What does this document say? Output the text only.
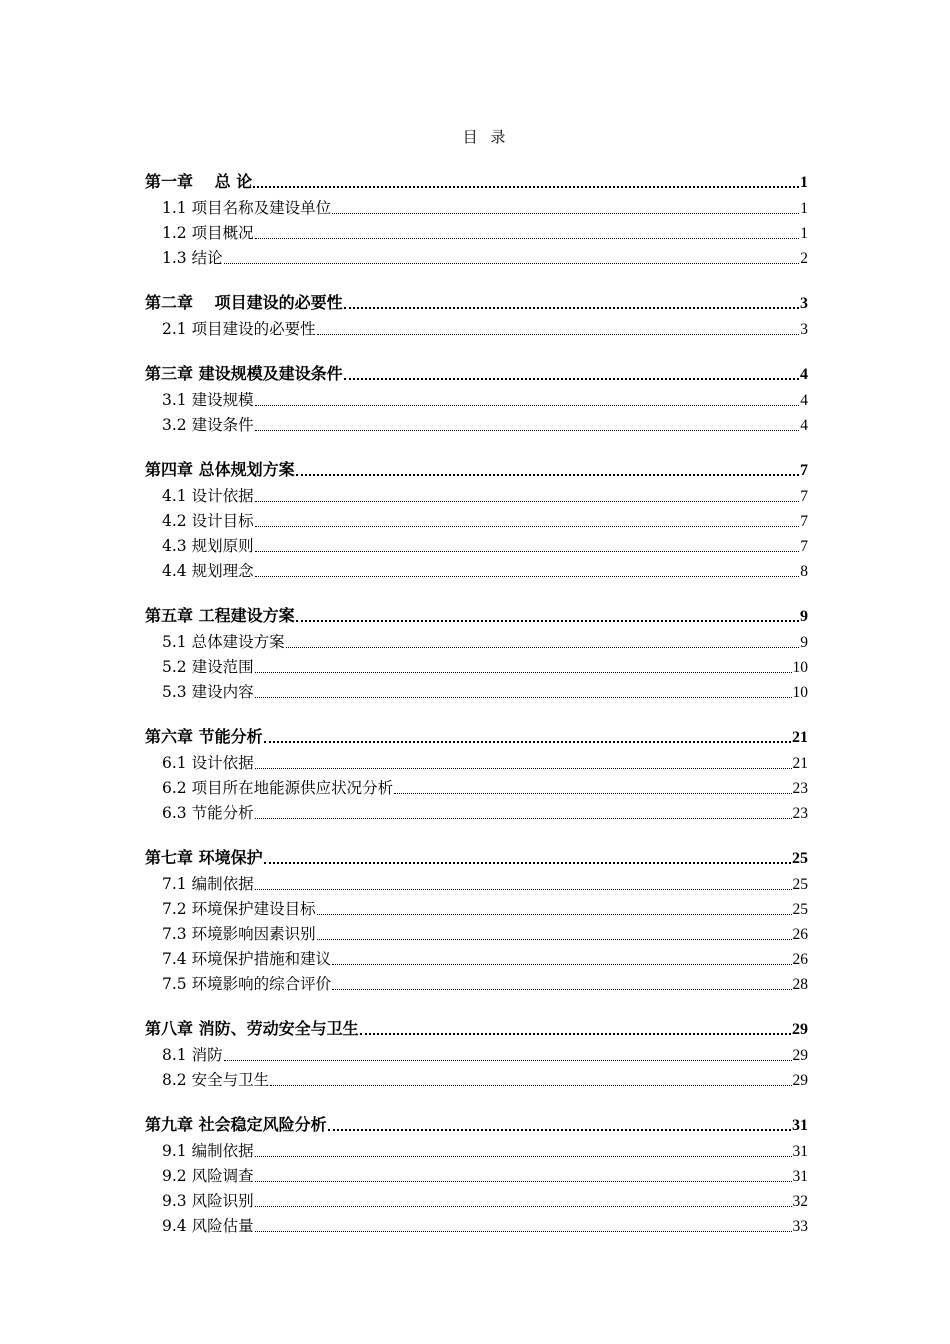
目 录
第一章 　总 论	1
1.1 项目名称及建设单位	1
1.2 项目概况	1
1.3 结论	2
第二章　 项目建设的必要性	3
2.1 项目建设的必要性	3
第三章 建设规模及建设条件	4
3.1 建设规模	4
3.2 建设条件	4
第四章 总体规划方案	7
4.1 设计依据	7
4.2 设计目标	7
4.3 规划原则	7
4.4 规划理念	8
第五章 工程建设方案	9
5.1 总体建设方案	9
5.2 建设范围	10
5.3 建设内容	10
第六章 节能分析	21
6.1 设计依据	21
6.2 项目所在地能源供应状况分析	23
6.3 节能分析	23
第七章 环境保护	25
7.1 编制依据	25
7.2 环境保护建设目标	25
7.3 环境影响因素识别	26
7.4 环境保护措施和建议	26
7.5 环境影响的综合评价	28
第八章 消防、劳动安全与卫生	29
8.1 消防	29
8.2 安全与卫生	29
第九章 社会稳定风险分析	31
9.1 编制依据	31
9.2 风险调查	31
9.3 风险识别	32
9.4 风险估量	33
